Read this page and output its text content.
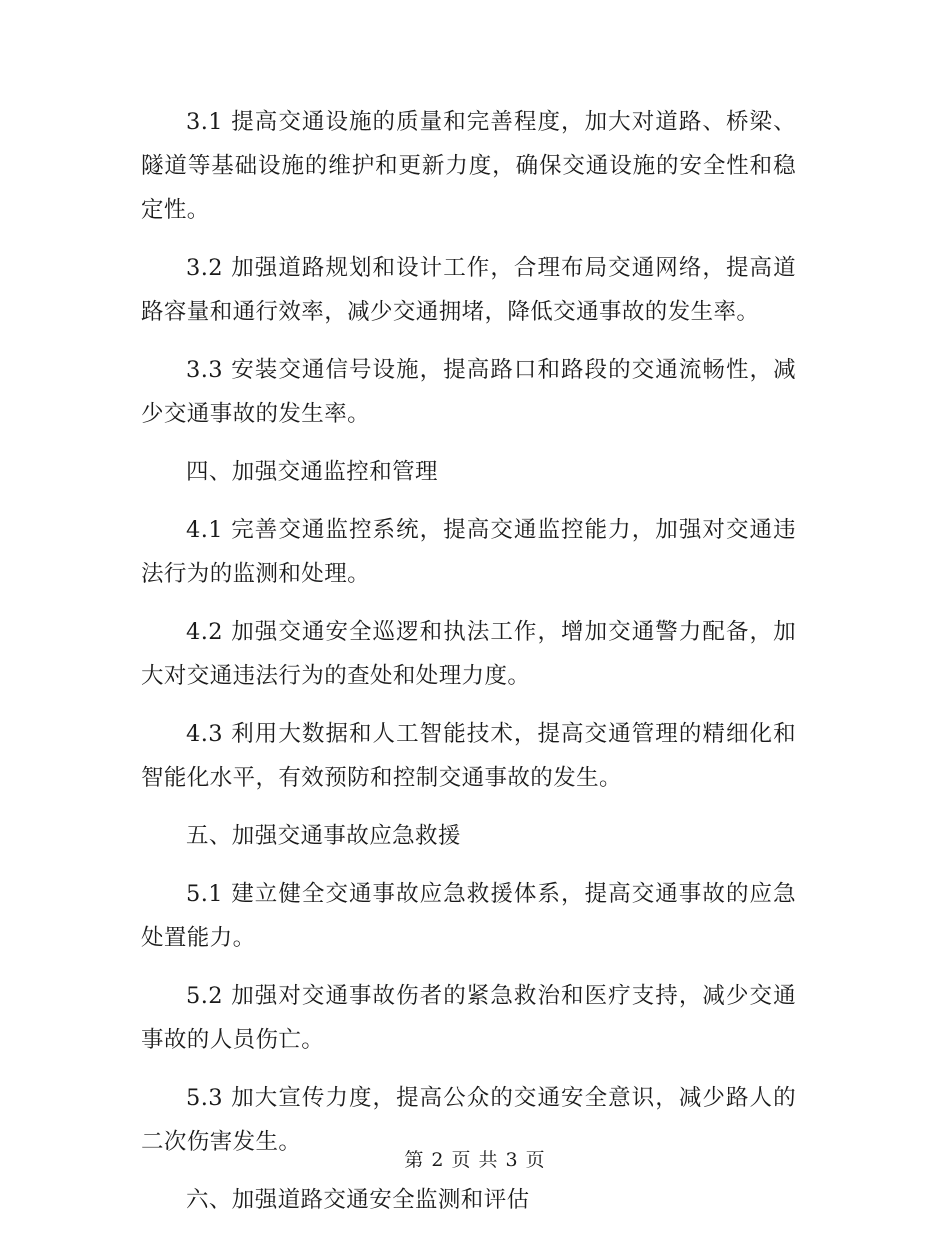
3.1 提高交通设施的质量和完善程度，加大对道路、桥梁、隧道等基础设施的维护和更新力度，确保交通设施的安全性和稳定性。

3.2 加强道路规划和设计工作，合理布局交通网络，提高道路容量和通行效率，减少交通拥堵，降低交通事故的发生率。

3.3 安装交通信号设施，提高路口和路段的交通流畅性，减少交通事故的发生率。

四、加强交通监控和管理

4.1 完善交通监控系统，提高交通监控能力，加强对交通违法行为的监测和处理。

4.2 加强交通安全巡逻和执法工作，增加交通警力配备，加大对交通违法行为的查处和处理力度。

4.3 利用大数据和人工智能技术，提高交通管理的精细化和智能化水平，有效预防和控制交通事故的发生。

五、加强交通事故应急救援

5.1 建立健全交通事故应急救援体系，提高交通事故的应急处置能力。

5.2 加强对交通事故伤者的紧急救治和医疗支持，减少交通事故的人员伤亡。

5.3 加大宣传力度，提高公众的交通安全意识，减少路人的二次伤害发生。

六、加强道路交通安全监测和评估

第 2 页 共 3 页
